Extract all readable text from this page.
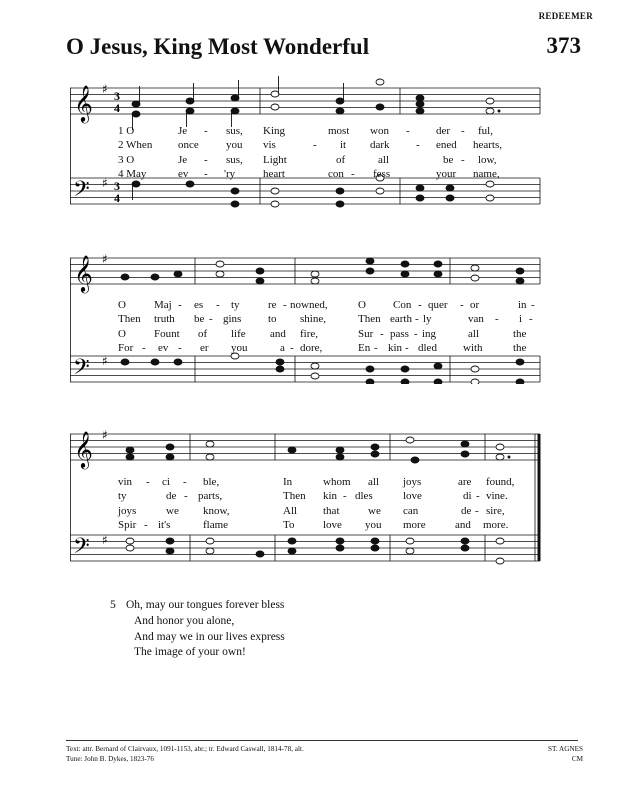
REDEEMER
O Jesus, King Most Wonderful	373
𝄞
𝄢
♯
♯
3
4
3
4
1 O	Je - sus, King	most won - der - ful,
2 When once you vis	- it dark - ened hearts,
3 O	Je - sus, Light	of	all	be - low,
4 May	ev - 'ry	heart	con - fess	your name,
𝄞
𝄢
♯
♯
O	Maj - es - ty	re - nowned,	O Con - quer - or	in -
Then truth be - gins to shine,	Then earth - ly	van - i -
O	Fount of life and fire,	Sur - pass - ing	all	the
For - ev - er you	a - dore,	En - kin - dled with	the
𝄞
𝄢
♯
♯
vin - ci - ble,	In	whom all joys	are found,
ty	de - parts,	Then kin - dles	love	di - vine.
joys	we know,	All that	we can	de - sire,
Spir - it's	flame	To	love you more	and more.
5 Oh, may our tongues forever bless
And honor you alone,
And may we in our lives express
The image of your own!
Text: attr. Bernard of Clairvaux, 1091-1153, abr.; tr. Edward Caswall, 1814-78, alt.
Tune: John B. Dykes, 1823-76
ST. AGNES
CM
